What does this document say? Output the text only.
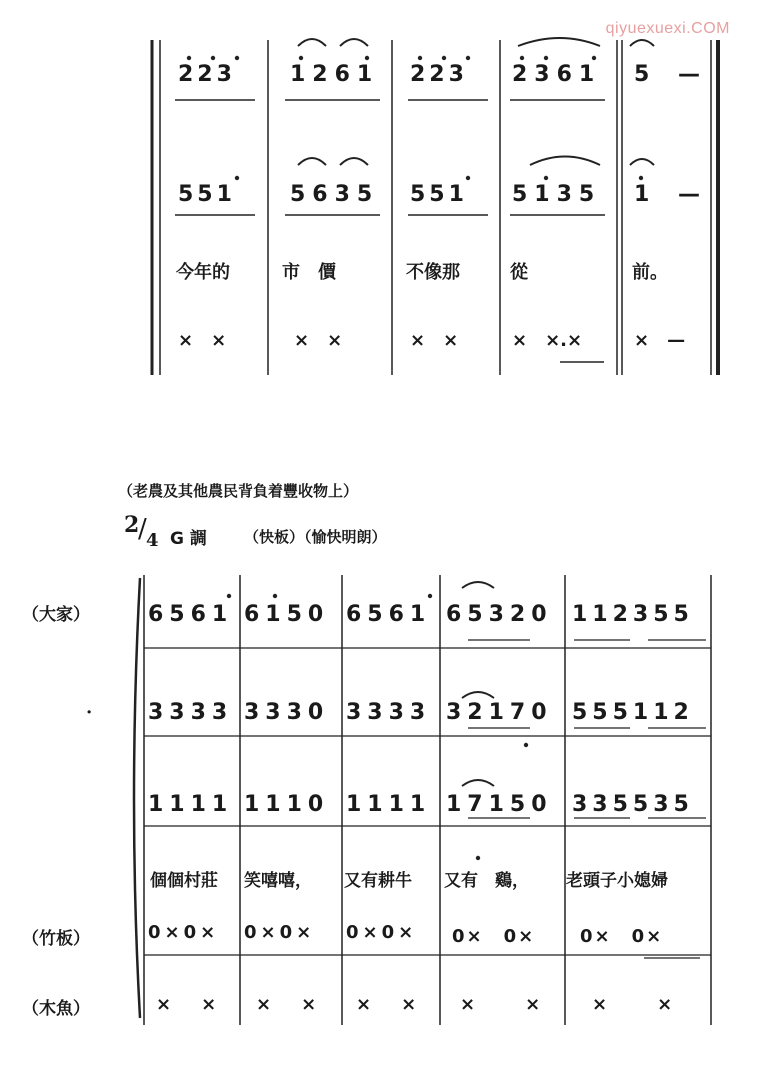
qiyuexuexi.COM
223 1261 223 2361 5 —
551 5635 551 5135 1 —
今年的	市　價	不像那	從	前。
×　×	×　×	×　×	×　×.×	×　—
（老農及其他農民背負着豐收物上）
2
/ 4 G 調 （快板）（愉快明朗）
（大家）
·
6561 6150 6561 65320 112355
3333 3330 3333 32170 555112
1111 1110 1111 17150 335535
個個村莊 笑嘻嘻， 又有耕牛 又有　鷄， 老頭子小媳婦
（竹板）	0×0× 0×0× 0×0× 0×　0× 0×　0×
（木魚）	×　× ×　× ×　× ×　× ×　×
